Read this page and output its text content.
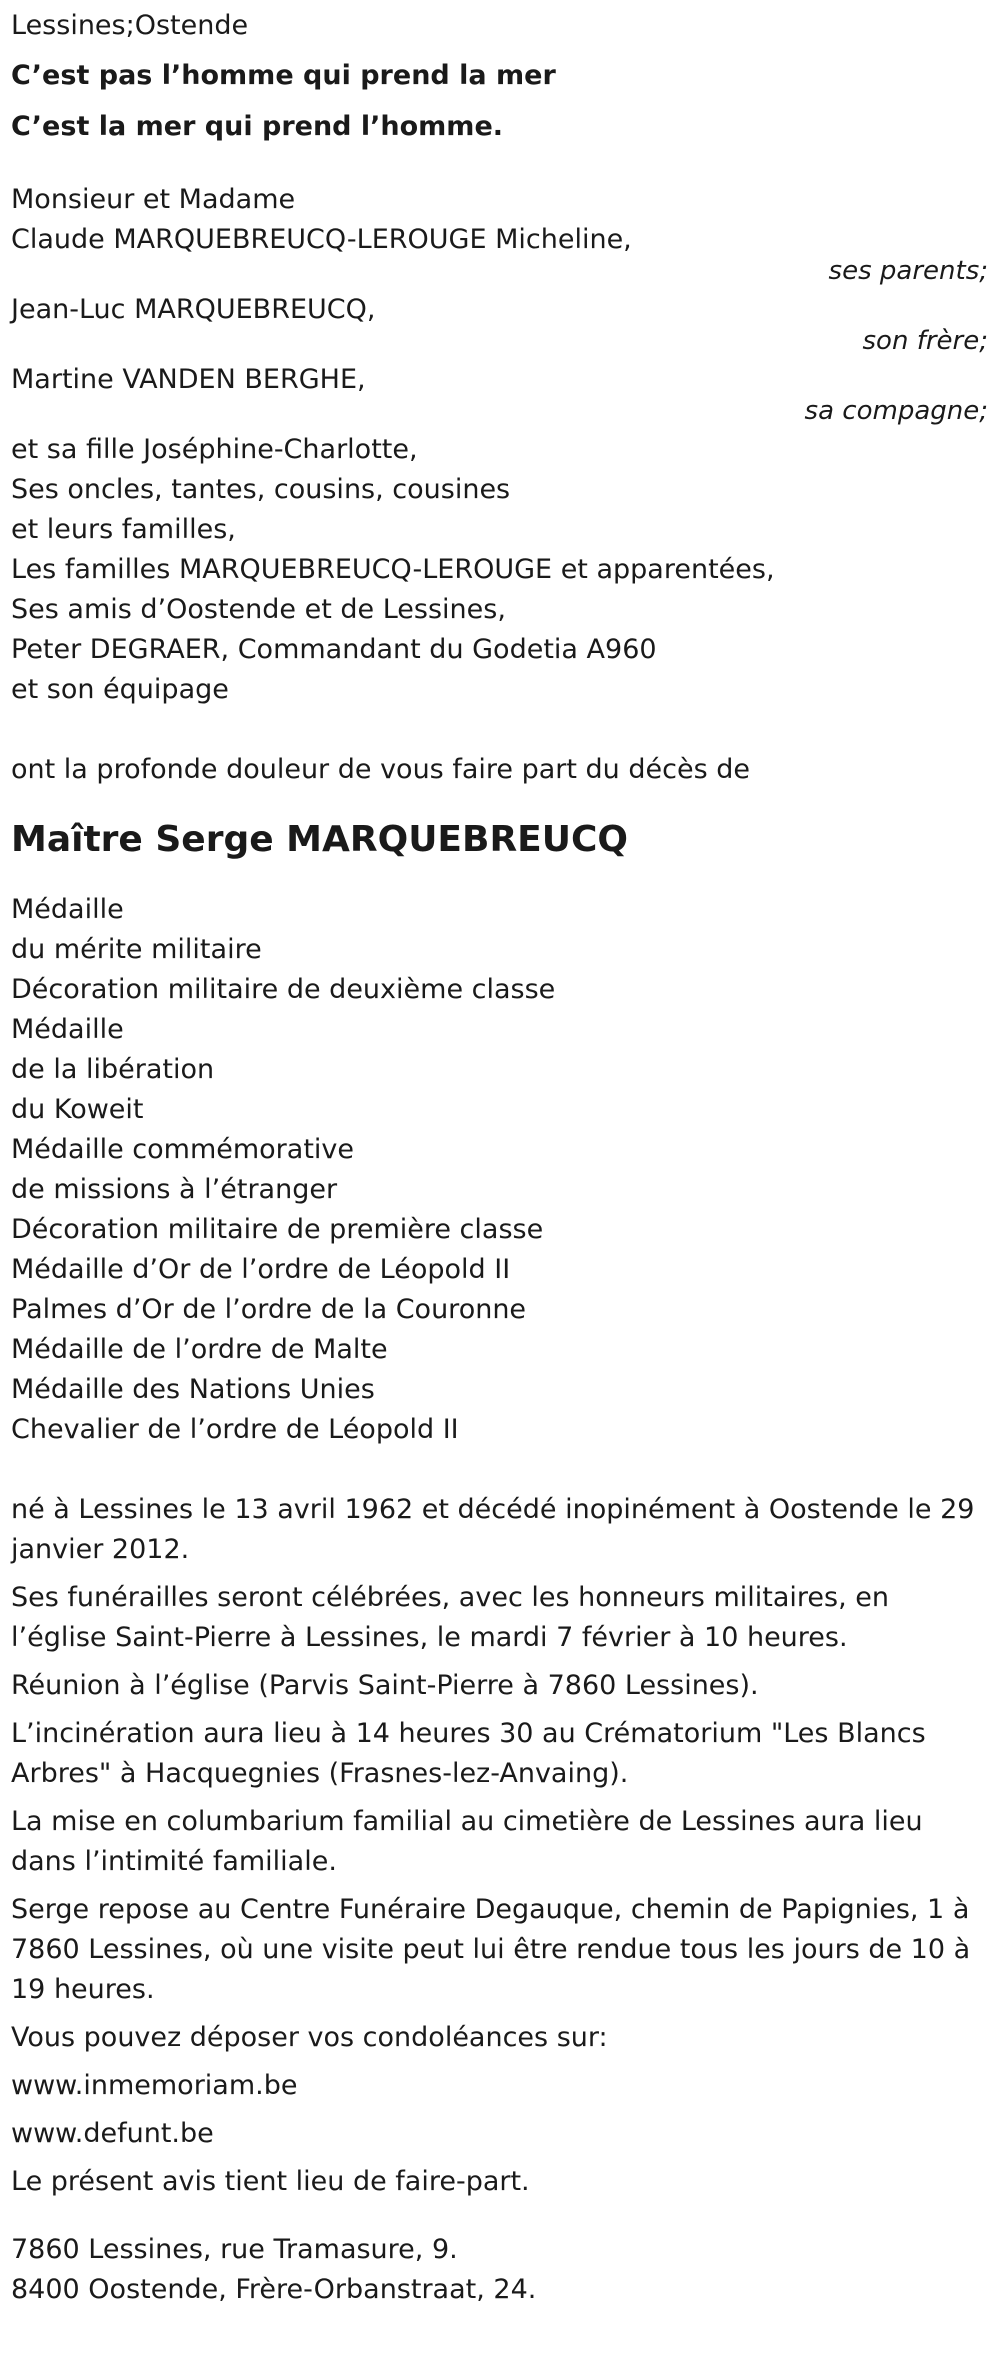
Lessines;Ostende
C’est pas l’homme qui prend la mer
C’est la mer qui prend l’homme.
Monsieur et Madame
Claude MARQUEBREUCQ-LEROUGE Micheline,
ses parents;
Jean-Luc MARQUEBREUCQ,
son frère;
Martine VANDEN BERGHE,
sa compagne;
et sa fille Joséphine-Charlotte,
Ses oncles, tantes, cousins, cousines
et leurs familles,
Les familles MARQUEBREUCQ-LEROUGE et apparentées,
Ses amis d’Oostende et de Lessines,
Peter DEGRAER, Commandant du Godetia A960
et son équipage
ont la profonde douleur de vous faire part du décès de
Maître Serge MARQUEBREUCQ
Médaille
du mérite militaire
Décoration militaire de deuxième classe
Médaille
de la libération
du Koweit
Médaille commémorative
de missions à l’étranger
Décoration militaire de première classe
Médaille d’Or de l’ordre de Léopold II
Palmes d’Or de l’ordre de la Couronne
Médaille de l’ordre de Malte
Médaille des Nations Unies
Chevalier de l’ordre de Léopold II
né à Lessines le 13 avril 1962 et décédé inopinément à Oostende le 29 janvier 2012.
Ses funérailles seront célébrées, avec les honneurs militaires, en l’église Saint-Pierre à Lessines, le mardi 7 février à 10 heures.
Réunion à l’église (Parvis Saint-Pierre à 7860 Lessines).
L’incinération aura lieu à 14 heures 30 au Crématorium "Les Blancs Arbres" à Hacquegnies (Frasnes-lez-Anvaing).
La mise en columbarium familial au cimetière de Lessines aura lieu dans l’intimité familiale.
Serge repose au Centre Funéraire Degauque, chemin de Papignies, 1 à 7860 Lessines, où une visite peut lui être rendue tous les jours de 10 à 19 heures.
Vous pouvez déposer vos condoléances sur:
www.inmemoriam.be
www.defunt.be
Le présent avis tient lieu de faire-part.
7860 Lessines, rue Tramasure, 9.
8400 Oostende, Frère-Orbanstraat, 24.
